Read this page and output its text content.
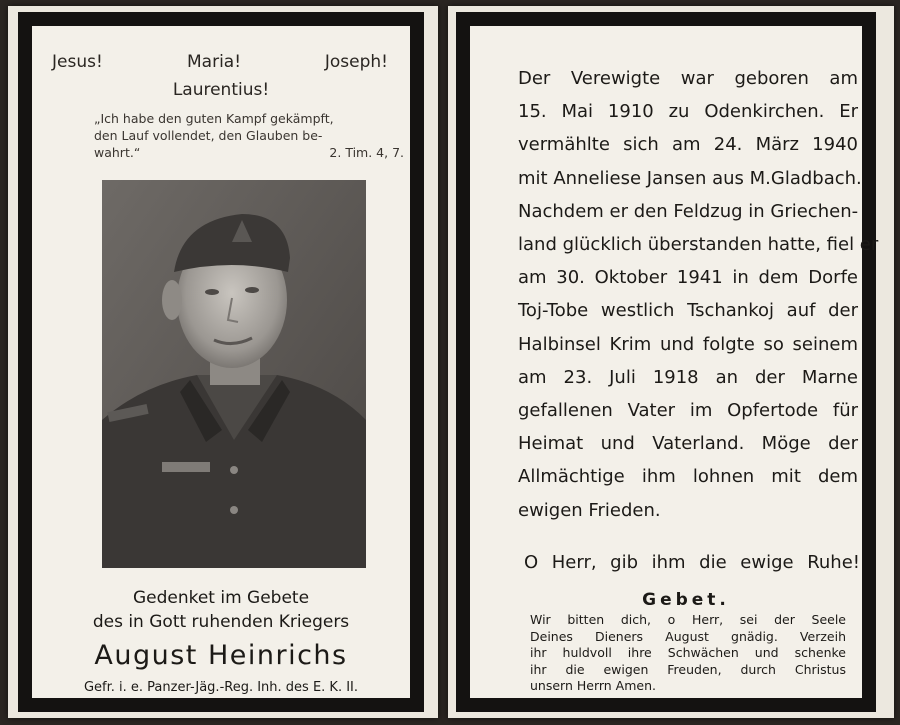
Jesus!	Maria!	Joseph!
Laurentius!
„Ich habe den guten Kampf gekämpft,
den Lauf vollendet, den Glauben be-
wahrt.“	2. Tim. 4, 7.
Gedenket im Gebete
des in Gott ruhenden Kriegers
August Heinrichs
Gefr. i. e. Panzer-Jäg.-Reg. Inh. des E. K. II.
Der Verewigte war geboren am
15. Mai 1910 zu Odenkirchen. Er
vermählte sich am 24. März 1940
mit Anneliese Jansen aus M.Gladbach.
Nachdem er den Feldzug in Griechen-
land glücklich überstanden hatte, fiel er
am 30. Oktober 1941 in dem Dorfe
Toj-Tobe westlich Tschankoj auf der
Halbinsel Krim und folgte so seinem
am 23. Juli 1918 an der Marne
gefallenen Vater im Opfertode für
Heimat und Vaterland. Möge der
Allmächtige ihm lohnen mit dem
ewigen Frieden.
O Herr, gib ihm die ewige Ruhe!
Gebet.
Wir bitten dich, o Herr, sei der Seele
Deines Dieners August gnädig. Verzeih
ihr huldvoll ihre Schwächen und schenke
ihr die ewigen Freuden, durch Christus
unsern Herrn Amen.
